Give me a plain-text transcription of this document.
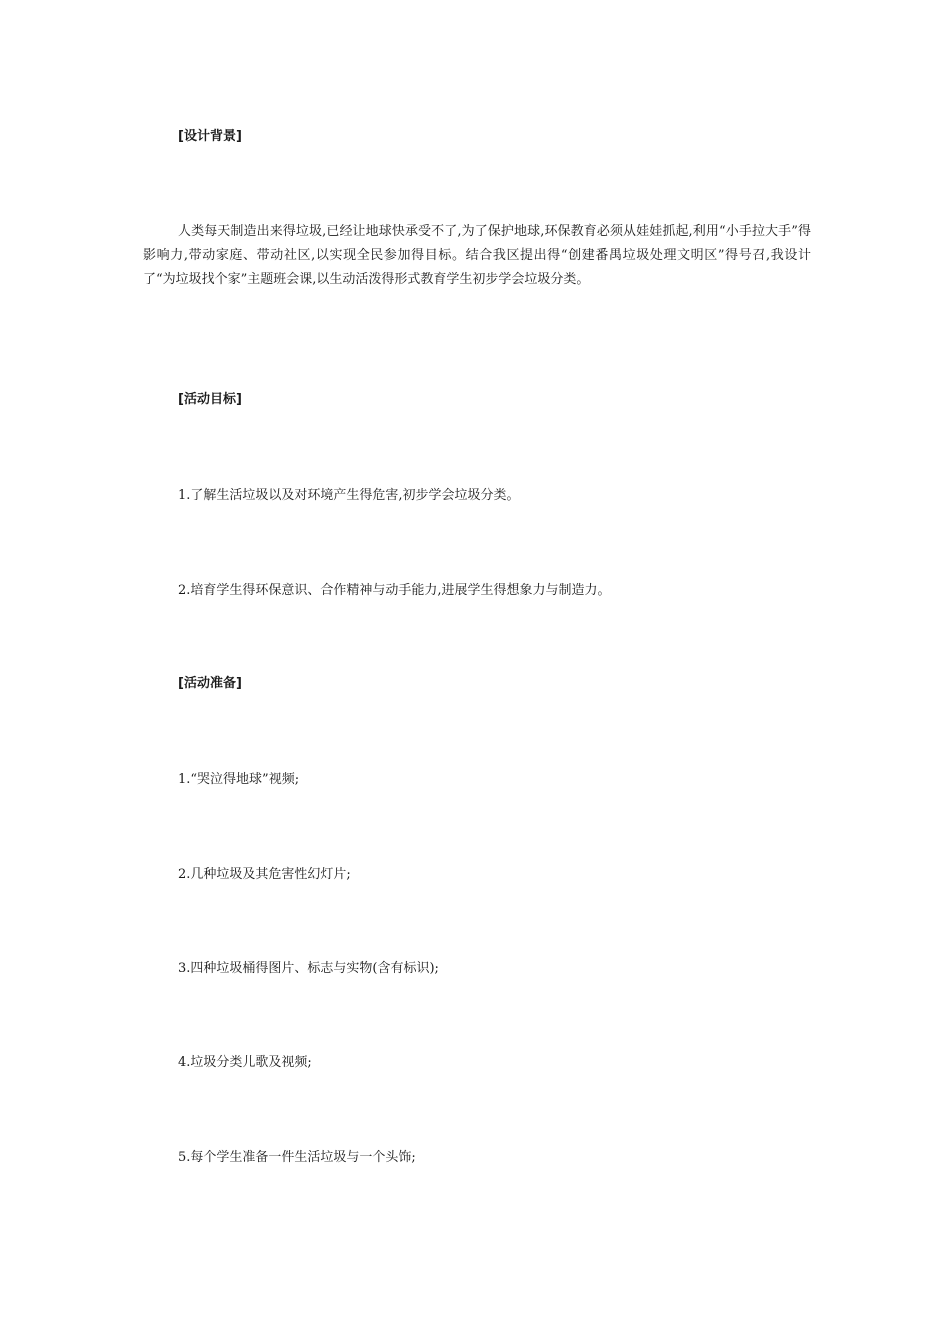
[设计背景]

人类每天制造出来得垃圾,已经让地球快承受不了,为了保护地球,环保教育必须从娃娃抓起,利用“小手拉大手”得影响力,带动家庭、带动社区,以实现全民参加得目标。结合我区提出得“创建番禺垃圾处理文明区”得号召,我设计了“为垃圾找个家”主题班会课,以生动活泼得形式教育学生初步学会垃圾分类。

[活动目标]

1.了解生活垃圾以及对环境产生得危害,初步学会垃圾分类。

2.培育学生得环保意识、合作精神与动手能力,进展学生得想象力与制造力。

[活动准备]

1.“哭泣得地球”视频;

2.几种垃圾及其危害性幻灯片;

3.四种垃圾桶得图片、标志与实物(含有标识);

4.垃圾分类儿歌及视频;

5.每个学生准备一件生活垃圾与一个头饰;
